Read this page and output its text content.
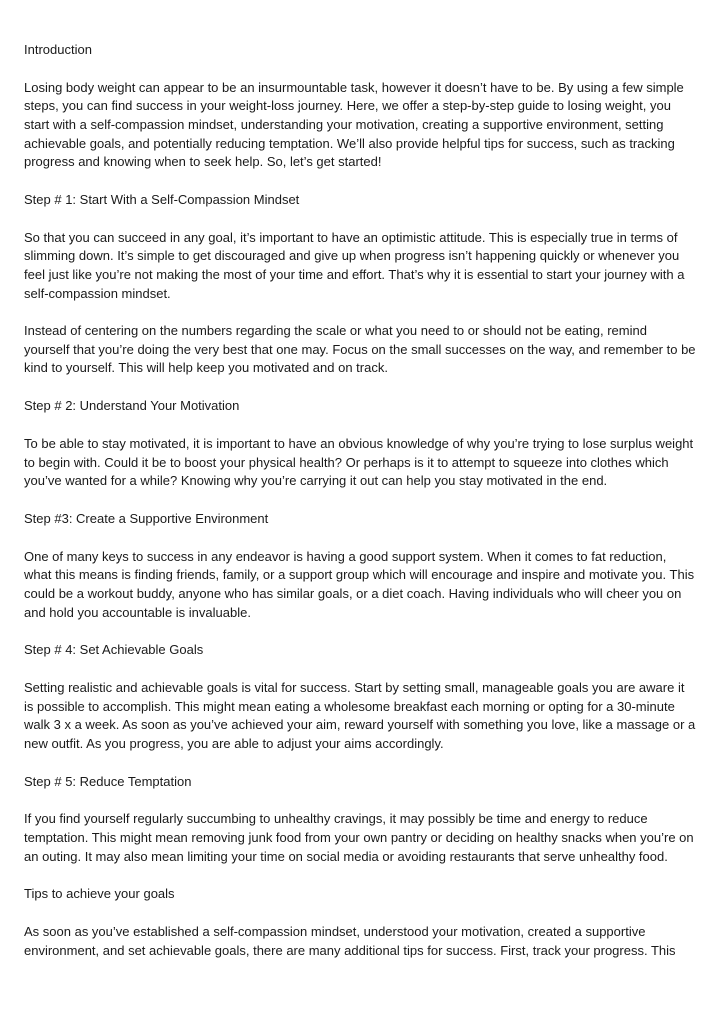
Introduction

Losing body weight can appear to be an insurmountable task, however it doesn’t have to be. By using a few simple steps, you can find success in your weight-loss journey. Here, we offer a step-by-step guide to losing weight, you start with a self-compassion mindset, understanding your motivation, creating a supportive environment, setting achievable goals, and potentially reducing temptation. We’ll also provide helpful tips for success, such as tracking progress and knowing when to seek help. So, let’s get started!

Step # 1: Start With a Self-Compassion Mindset

So that you can succeed in any goal, it’s important to have an optimistic attitude. This is especially true in terms of slimming down. It’s simple to get discouraged and give up when progress isn’t happening quickly or whenever you feel just like you’re not making the most of your time and effort. That’s why it is essential to start your journey with a self-compassion mindset.

Instead of centering on the numbers regarding the scale or what you need to or should not be eating, remind yourself that you’re doing the very best that one may. Focus on the small successes on the way, and remember to be kind to yourself. This will help keep you motivated and on track.

Step # 2: Understand Your Motivation

To be able to stay motivated, it is important to have an obvious knowledge of why you’re trying to lose surplus weight to begin with. Could it be to boost your physical health? Or perhaps is it to attempt to squeeze into clothes which you’ve wanted for a while? Knowing why you’re carrying it out can help you stay motivated in the end.

Step #3: Create a Supportive Environment

One of many keys to success in any endeavor is having a good support system. When it comes to fat reduction, what this means is finding friends, family, or a support group which will encourage and inspire and motivate you. This could be a workout buddy, anyone who has similar goals, or a diet coach. Having individuals who will cheer you on and hold you accountable is invaluable.

Step # 4: Set Achievable Goals

Setting realistic and achievable goals is vital for success. Start by setting small, manageable goals you are aware it is possible to accomplish. This might mean eating a wholesome breakfast each morning or opting for a 30-minute walk 3 x a week. As soon as you’ve achieved your aim, reward yourself with something you love, like a massage or a new outfit. As you progress, you are able to adjust your aims accordingly.

Step # 5: Reduce Temptation

If you find yourself regularly succumbing to unhealthy cravings, it may possibly be time and energy to reduce temptation. This might mean removing junk food from your own pantry or deciding on healthy snacks when you’re on an outing. It may also mean limiting your time on social media or avoiding restaurants that serve unhealthy food.

Tips to achieve your goals

As soon as you’ve established a self-compassion mindset, understood your motivation, created a supportive environment, and set achievable goals, there are many additional tips for success. First, track your progress. This
